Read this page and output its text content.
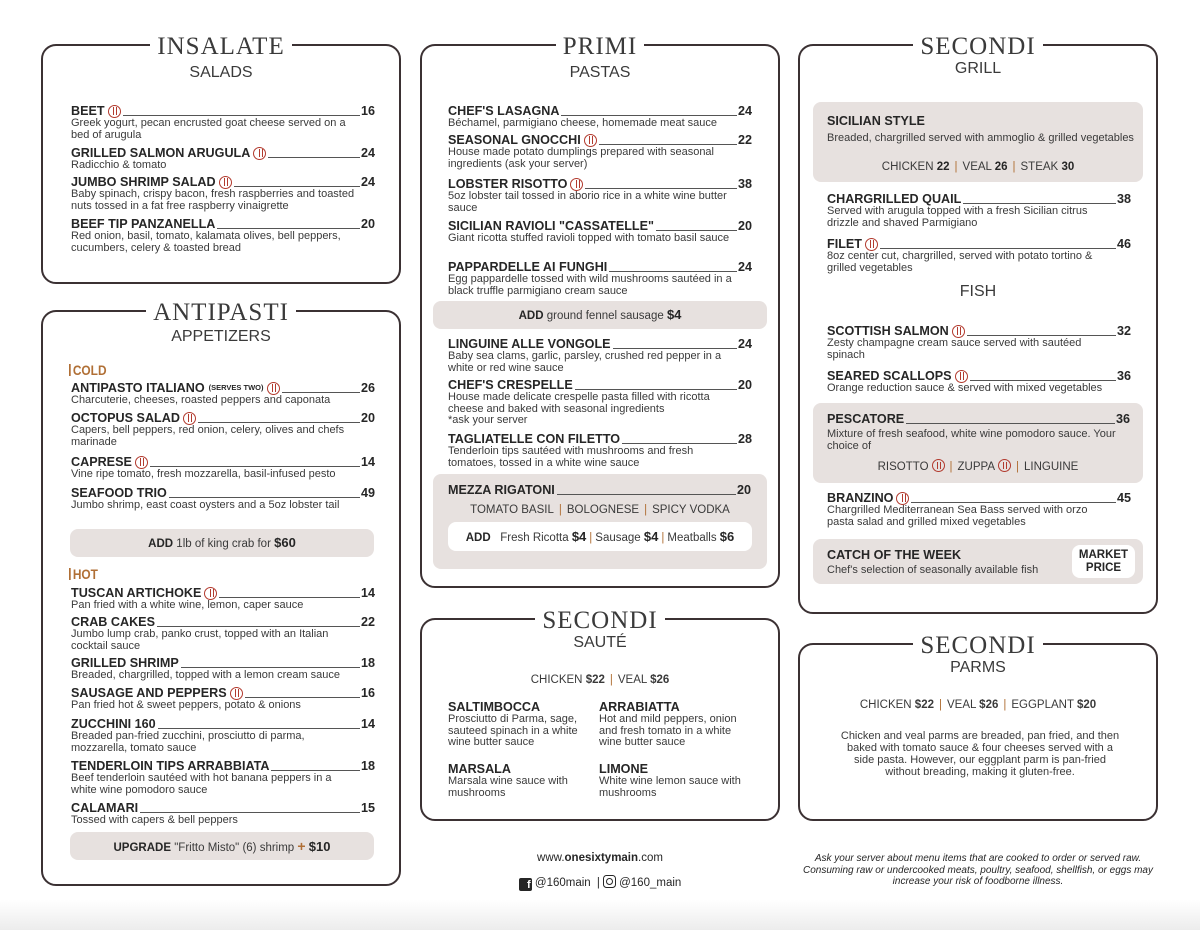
INSALATE
SALADS
BEET	16
Greek yogurt, pecan encrusted goat cheese served on a bed of arugula
GRILLED SALMON ARUGULA	24
Radicchio & tomato
JUMBO SHRIMP SALAD	24
Baby spinach, crispy bacon, fresh raspberries and toasted nuts tossed in a fat free raspberry vinaigrette
BEEF TIP PANZANELLA	20
Red onion, basil, tomato, kalamata olives, bell peppers, cucumbers, celery & toasted bread
ANTIPASTI
APPETIZERS
COLD
ANTIPASTO ITALIANO (SERVES TWO)	26
Charcuterie, cheeses, roasted peppers and caponata
OCTOPUS SALAD	20
Capers, bell peppers, red onion, celery, olives and chefs marinade
CAPRESE	14
Vine ripe tomato, fresh mozzarella, basil-infused pesto
SEAFOOD TRIO	49
Jumbo shrimp, east coast oysters and a 5oz lobster tail
ADD 1lb of king crab for $60
HOT
TUSCAN ARTICHOKE	14
Pan fried with a white wine, lemon, caper sauce
CRAB CAKES	22
Jumbo lump crab, panko crust, topped with an Italian cocktail sauce
GRILLED SHRIMP	18
Breaded, chargrilled, topped with a lemon cream sauce
SAUSAGE AND PEPPERS	16
Pan fried hot & sweet peppers, potato & onions
ZUCCHINI 160	14
Breaded pan-fried zucchini, prosciutto di parma, mozzarella, tomato sauce
TENDERLOIN TIPS ARRABBIATA	18
Beef tenderloin sautéed with hot banana peppers in a white wine pomodoro sauce
CALAMARI	15
Tossed with capers & bell peppers
UPGRADE "Fritto Misto" (6) shrimp + $10
PRIMI
PASTAS
CHEF'S LASAGNA	24
Béchamel, parmigiano cheese, homemade meat sauce
SEASONAL GNOCCHI	22
House made potato dumplings prepared with seasonal ingredients (ask your server)
LOBSTER RISOTTO	38
5oz lobster tail tossed in aborio rice in a white wine butter sauce
SICILIAN RAVIOLI "CASSATELLE"	20
Giant ricotta stuffed ravioli topped with tomato basil sauce
PAPPARDELLE AI FUNGHI	24
Egg pappardelle tossed with wild mushrooms sautéed in a black truffle parmigiano cream sauce
ADD ground fennel sausage $4
LINGUINE ALLE VONGOLE	24
Baby sea clams, garlic, parsley, crushed red pepper in a white or red wine sauce
CHEF'S CRESPELLE	20
House made delicate crespelle pasta filled with ricotta cheese and baked with seasonal ingredients
*ask your server
TAGLIATELLE CON FILETTO	28
Tenderloin tips sautéed with mushrooms and fresh tomatoes, tossed in a white wine sauce
MEZZA RIGATONI	20
TOMATO BASIL | BOLOGNESE | SPICY VODKA
ADD Fresh Ricotta $4 | Sausage $4 | Meatballs $6
SECONDI
SAUTÉ
CHICKEN $22 | VEAL $26
SALTIMBOCCA
Prosciutto di Parma, sage, sauteed spinach in a white wine butter sauce
ARRABIATTA
Hot and mild peppers, onion and fresh tomato in a white wine butter sauce
MARSALA
Marsala wine sauce with mushrooms
LIMONE
White wine lemon sauce with mushrooms
SECONDI
GRILL
SICILIAN STYLE
Breaded, chargrilled served with ammoglio & grilled vegetables
CHICKEN 22 | VEAL 26 | STEAK 30
CHARGRILLED QUAIL	38
Served with arugula topped with a fresh Sicilian citrus drizzle and shaved Parmigiano
FILET	46
8oz center cut, chargrilled, served with potato tortino & grilled vegetables
FISH
SCOTTISH SALMON	32
Zesty champagne cream sauce served with sautéed spinach
SEARED SCALLOPS	36
Orange reduction sauce & served with mixed vegetables
PESCATORE	36
Mixture of fresh seafood, white wine pomodoro sauce. Your choice of
RISOTTO | ZUPPA | LINGUINE
BRANZINO	45
Chargrilled Mediterranean Sea Bass served with orzo pasta salad and grilled mixed vegetables
CATCH OF THE WEEK
Chef's selection of seasonally available fish
MARKET
PRICE
SECONDI
PARMS
CHICKEN $22 | VEAL $26 | EGGPLANT $20
Chicken and veal parms are breaded, pan fried, and then baked with tomato sauce & four cheeses served with a side pasta. However, our eggplant parm is pan-fried without breading, making it gluten-free.
www.onesixtymain.com
f @160main | @160_main
Ask your server about menu items that are cooked to order or served raw. Consuming raw or undercooked meats, poultry, seafood, shellfish, or eggs may increase your risk of foodborne illness.
